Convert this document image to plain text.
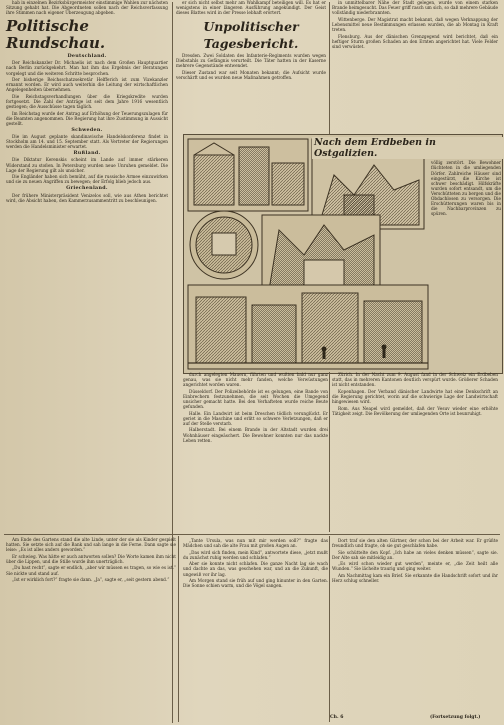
hab in einzelnen Bezirksbürgermeister einstimmige Wahlen zur nächsten Sitzung gehabt hat. Die Abgeordneten sollen nach der Reichsverfassung ihre Stimmen nach eigener Überzeugung abgeben.

Politische Rundschau.
Deutschland.

Der Reichskanzler Dr. Michaelis ist nach dem Großen Hauptquartier nach Berlin zurückgekehrt. Man hat ihm das Ergebnis der Beratungen vorgelegt und die weiteren Schritte besprochen.

Der bisherige Reichsschatzsekretär Helfferich ist zum Vizekanzler ernannt worden. Er wird auch weiterhin die Leitung der wirtschaftlichen Angelegenheiten übernehmen.

Die Reichstagsverhandlungen über die Kriegskredite wurden fortgesetzt. Die Zahl der Anträge ist seit dem Jahre 1916 wesentlich gestiegen; die Ausschüsse tagen täglich.

Im Reichstag wurde der Antrag auf Erhöhung der Teuerungszulagen für die Beamten angenommen. Die Regierung hat ihre Zustimmung in Aussicht gestellt.

Schweden.

Die im August geplante skandinavische Handelskonferenz findet in Stockholm am 14. und 15. September statt. Als Vertreter der Regierungen werden die Handelsminister erwartet.

Rußland.

Die Diktatur Kerenskis scheint im Lande auf immer stärkeren Widerstand zu stoßen. In Petersburg wurden neue Unruhen gemeldet. Die Lage der Regierung gilt als unsicher.

Die Engländer haben sich bemüht, auf die russische Armee einzuwirken und sie zu neuen Angriffen zu bewegen; der Erfolg blieb jedoch aus.

Griechenland.

Der frühere Ministerpräsident Venizelos soll, wie aus Athen berichtet wird, die Absicht haben, den Kammerzusammentritt zu beschleunigen.

er sich nicht selbst mehr am Wahlkampf beteiligen will. Es hat er wenigstens in einer längeren Ausführung angekündigt. Der Geist dieses Blattes wird in der Presse lebhaft erörtert.

Unpolitischer Tagesbericht.

Dresden. Zwei Soldaten des Infanterie-Regiments wurden wegen Diebstahls zu Gefängnis verurteilt. Die Täter hatten in der Kaserne mehrere Gegenstände entwendet.

Dieser Zustand war seit Monaten bekannt; die Aufsicht wurde verschärft und es wurden neue Maßnahmen getroffen.

in unmittelbarer Nähe der Stadt gelegen, wurde von einem starken Brande heimgesucht. Das Feuer griff rasch um sich, so daß mehrere Gebäude vollständig niederbrannten.

Wittenberge. Der Magistrat macht bekannt, daß wegen Verknappung der Lebensmittel neue Bestimmungen erlassen wurden, die ab Montag in Kraft treten.

Flensburg. Aus der dänischen Grenzgegend wird berichtet, daß ein heftiger Sturm großen Schaden an den Ernten angerichtet hat. Viele Felder sind verwüstet.

Nach dem Erdbeben in Ostgalizien.
völlig zerstört. Die Bewohner flüchteten in die umliegenden Dörfer. Zahlreiche Häuser sind eingestürzt, die Kirche ist schwer beschädigt. Hilfskräfte wurden sofort entsandt, um die Verschütteten zu bergen und die Obdachlosen zu versorgen. Die Erschütterungen waren bis in die Nachbarprovinzen zu spüren.

durch angelegten Mauern, führten und wußten bald nur ganz genau, was sie nicht mehr fanden, welche Verwüstungen angerichtet worden waren.

Düsseldorf. Der Polizeibehörde ist es gelungen, eine Bande von Einbrechern festzunehmen, die seit Wochen die Umgegend unsicher gemacht hatte. Bei den Verhafteten wurde reiche Beute gefunden.

Halle. Ein Landwirt ist beim Dreschen tödlich verunglückt. Er geriet in die Maschine und erlitt so schwere Verletzungen, daß er auf der Stelle verstarb.

Halberstadt. Bei einem Brande in der Altstadt wurden drei Wohnhäuser eingeäschert. Die Bewohner konnten nur das nackte Leben retten.

Zürich. In der Nacht zum 9. August fand in der Schweiz ein Erdbeben statt, das in mehreren Kantonen deutlich verspürt wurde. Größerer Schaden ist nicht entstanden.

Kopenhagen. Der Verband dänischer Landwirte hat eine Denkschrift an die Regierung gerichtet, worin auf die schwierige Lage der Landwirtschaft hingewiesen wird.

Rom. Aus Neapel wird gemeldet, daß der Vesuv wieder eine erhöhte Tätigkeit zeigt. Die Bevölkerung der umliegenden Orte ist beunruhigt.

Am Ende des Gartens stand die alte Linde, unter der sie als Kinder gespielt hatten. Sie setzte sich auf die Bank und sah lange in die Ferne. Dann sagte sie leise: „Es ist alles anders geworden.“

Er schwieg. Was hätte er auch antworten sollen? Die Worte kamen ihm nicht über die Lippen, und die Stille wurde ihm unerträglich.

„Du hast recht“, sagte er endlich, „aber wir müssen es tragen, so wie es ist.“ Sie nickte und stand auf.

„Ist er wirklich fort?“ fragte sie dann. „Ja“, sagte er, „seit gestern abend.“

„Tante Ursula, was nun mit mir werden soll?“ fragte das Mädchen und sah die alte Frau mit großen Augen an.

„Das wird sich finden, mein Kind“, antwortete diese, „jetzt mußt du zunächst ruhig werden und schlafen.“

Aber sie konnte nicht schlafen. Die ganze Nacht lag sie wach und dachte an das, was geschehen war, und an die Zukunft, die ungewiß vor ihr lag.

Am Morgen stand sie früh auf und ging hinunter in den Garten. Die Sonne schien warm, und die Vögel sangen.

Dort traf sie den alten Gärtner, der schon bei der Arbeit war. Er grüßte freundlich und fragte, ob sie gut geschlafen habe.

Sie schüttelte den Kopf. „Ich habe an vieles denken müssen“, sagte sie. Der Alte sah sie mitleidig an.

„Es wird schon wieder gut werden“, meinte er, „die Zeit heilt alle Wunden.“ Sie lächelte traurig und ging weiter.

Am Nachmittag kam ein Brief. Sie erkannte die Handschrift sofort und ihr Herz schlug schneller.

Ch. 6	(Fortsetzung folgt.)
